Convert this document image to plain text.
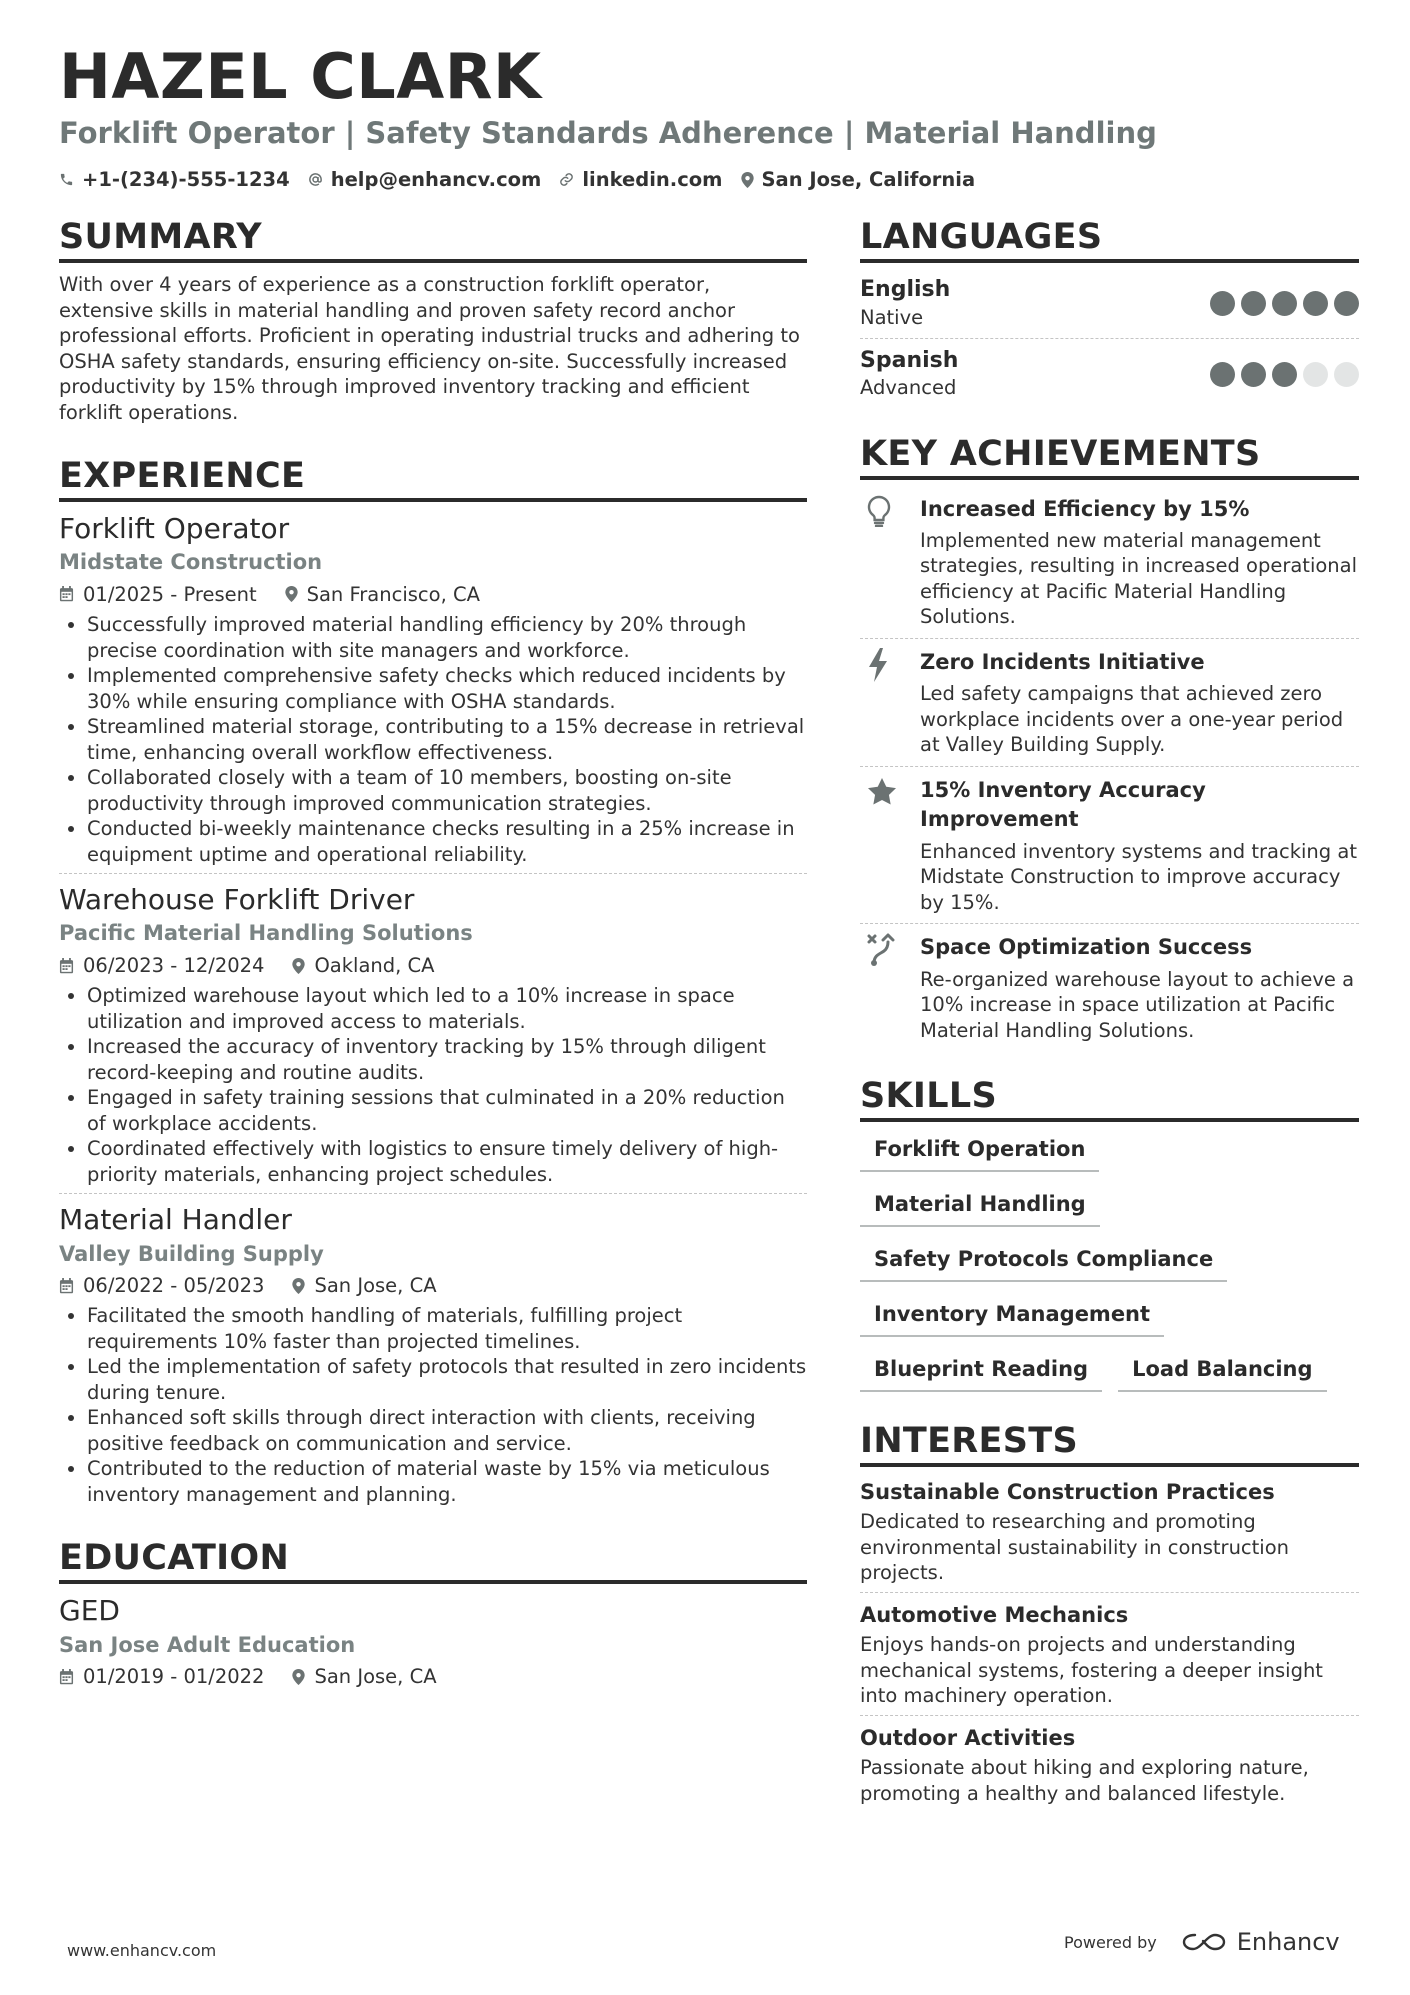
HAZEL CLARK
Forklift Operator | Safety Standards Adherence | Material Handling
+1-(234)-555-1234 help@enhancv.com linkedin.com San Jose, California
SUMMARY
With over 4 years of experience as a construction forklift operator, extensive skills in material handling and proven safety record anchor professional efforts. Proficient in operating industrial trucks and adhering to OSHA safety standards, ensuring efficiency on-site. Successfully increased productivity by 15% through improved inventory tracking and efficient forklift operations.
EXPERIENCE
Forklift Operator
Midstate Construction
01/2025 - Present	San Francisco, CA
• Successfully improved material handling efficiency by 20% through precise coordination with site managers and workforce.
• Implemented comprehensive safety checks which reduced incidents by 30% while ensuring compliance with OSHA standards.
• Streamlined material storage, contributing to a 15% decrease in retrieval time, enhancing overall workflow effectiveness.
• Collaborated closely with a team of 10 members, boosting on-site productivity through improved communication strategies.
• Conducted bi-weekly maintenance checks resulting in a 25% increase in equipment uptime and operational reliability.
Warehouse Forklift Driver
Pacific Material Handling Solutions
06/2023 - 12/2024	Oakland, CA
• Optimized warehouse layout which led to a 10% increase in space utilization and improved access to materials.
• Increased the accuracy of inventory tracking by 15% through diligent record-keeping and routine audits.
• Engaged in safety training sessions that culminated in a 20% reduction of workplace accidents.
• Coordinated effectively with logistics to ensure timely delivery of high-priority materials, enhancing project schedules.
Material Handler
Valley Building Supply
06/2022 - 05/2023	San Jose, CA
• Facilitated the smooth handling of materials, fulfilling project requirements 10% faster than projected timelines.
• Led the implementation of safety protocols that resulted in zero incidents during tenure.
• Enhanced soft skills through direct interaction with clients, receiving positive feedback on communication and service.
• Contributed to the reduction of material waste by 15% via meticulous inventory management and planning.
EDUCATION
GED
San Jose Adult Education
01/2019 - 01/2022	San Jose, CA
LANGUAGES
English
Native
Spanish
Advanced
KEY ACHIEVEMENTS
Increased Efficiency by 15%
Implemented new material management strategies, resulting in increased operational efficiency at Pacific Material Handling Solutions.
Zero Incidents Initiative
Led safety campaigns that achieved zero workplace incidents over a one-year period at Valley Building Supply.
15% Inventory Accuracy Improvement
Enhanced inventory systems and tracking at Midstate Construction to improve accuracy by 15%.
Space Optimization Success
Re-organized warehouse layout to achieve a 10% increase in space utilization at Pacific Material Handling Solutions.
SKILLS
Forklift Operation
Material Handling
Safety Protocols Compliance
Inventory Management
Blueprint Reading	Load Balancing
INTERESTS
Sustainable Construction Practices
Dedicated to researching and promoting environmental sustainability in construction projects.
Automotive Mechanics
Enjoys hands-on projects and understanding mechanical systems, fostering a deeper insight into machinery operation.
Outdoor Activities
Passionate about hiking and exploring nature, promoting a healthy and balanced lifestyle.
www.enhancv.com	Powered by	Enhancv
